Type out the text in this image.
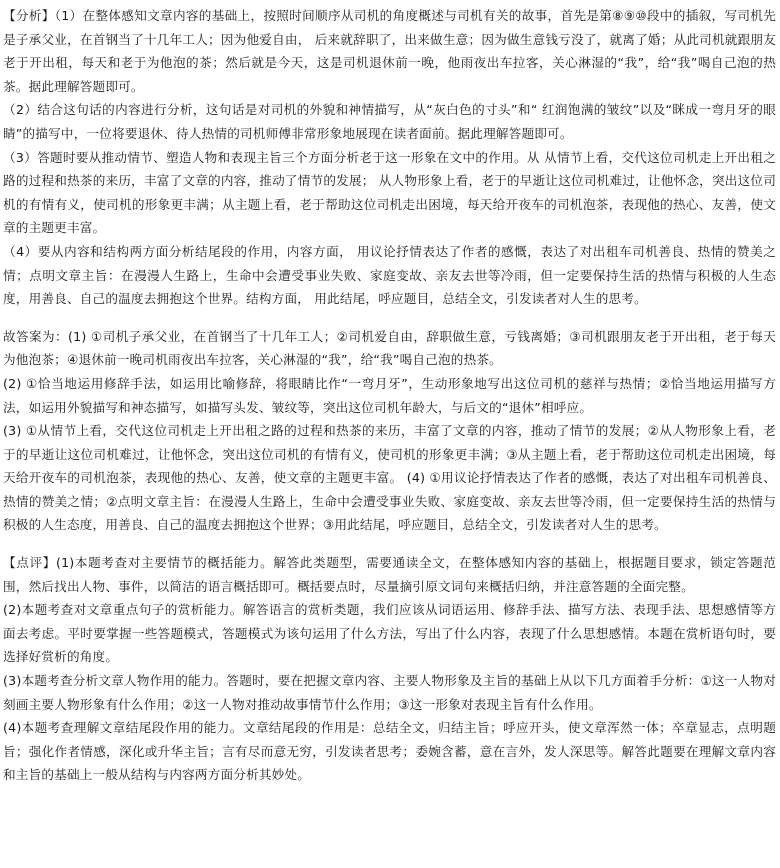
【分析】（1）在整体感知文章内容的基础上，按照时间顺序从司机的角度概述与司机有关的故事，首先是第⑧⑨⑩段中的插叙，写司机先是子承父业，在首钢当了十几年工人；因为他爱自由， 后来就辞职了，出来做生意；因为做生意钱亏没了，就离了婚；从此司机就跟朋友老于开出租，每天和老于为他泡的茶；然后就是今天，这是司机退休前一晚，他雨夜出车拉客，关心淋湿的“我”，给“我”喝自己泡的热茶。据此理解答题即可。

（2）结合这句话的内容进行分析，这句话是对司机的外貌和神情描写，从“灰白色的寸头”和“ 红润饱满的皱纹”以及“眯成一弯月牙的眼睛”的描写中，一位将要退休、待人热情的司机师傅非常形象地展现在读者面前。据此理解答题即可。

（3）答题时要从推动情节、塑造人物和表现主旨三个方面分析老于这一形象在文中的作用。从 从情节上看，交代这位司机走上开出租之路的过程和热茶的来历，丰富了文章的内容，推动了情节的发展； 从人物形象上看，老于的早逝让这位司机难过，让他怀念，突出这位司机的有情有义，使司机的形象更丰满；从主题上看，老于帮助这位司机走出困境，每天给开夜车的司机泡茶，表现他的热心、友善，使文章的主题更丰富。

（4）要从内容和结构两方面分析结尾段的作用，内容方面， 用议论抒情表达了作者的感慨，表达了对出租车司机善良、热情的赞美之情；点明文章主旨：在漫漫人生路上，生命中会遭受事业失败、家庭变故、亲友去世等冷雨，但一定要保持生活的热情与积极的人生态度，用善良、自己的温度去拥抱这个世界。结构方面， 用此结尾，呼应题目，总结全文，引发读者对人生的思考。

故答案为：(1) ①司机子承父业，在首钢当了十几年工人；②司机爱自由，辞职做生意，亏钱离婚；③司机跟朋友老于开出租，老于每天为他泡茶；④退休前一晚司机雨夜出车拉客，关心淋湿的“我”，给“我”喝自己泡的热茶。

(2) ①恰当地运用修辞手法，如运用比喻修辞，将眼睛比作“一弯月牙”，生动形象地写出这位司机的慈祥与热情；②恰当地运用描写方法，如运用外貌描写和神态描写，如描写头发、皱纹等，突出这位司机年龄大，与后文的“退休”相呼应。

(3) ①从情节上看，交代这位司机走上开出租之路的过程和热茶的来历，丰富了文章的内容，推动了情节的发展；②从人物形象上看，老于的早逝让这位司机难过，让他怀念，突出这位司机的有情有义，使司机的形象更丰满；③从主题上看，老于帮助这位司机走出困境，每天给开夜车的司机泡茶，表现他的热心、友善，使文章的主题更丰富。 (4) ①用议论抒情表达了作者的感慨，表达了对出租车司机善良、热情的赞美之情；②点明文章主旨：在漫漫人生路上，生命中会遭受事业失败、家庭变故、亲友去世等冷雨，但一定要保持生活的热情与积极的人生态度，用善良、自己的温度去拥抱这个世界；③用此结尾，呼应题目，总结全文，引发读者对人生的思考。

【点评】(1)本题考查对主要情节的概括能力。解答此类题型，需要通读全文，在整体感知内容的基础上，根据题目要求，锁定答题范围，然后找出人物、事件，以简洁的语言概括即可。概括要点时，尽量摘引原文词句来概括归纳，并注意答题的全面完整。

(2)本题考查对文章重点句子的赏析能力。解答语言的赏析类题，我们应该从词语运用、修辞手法、描写方法、表现手法、思想感情等方面去考虑。平时要掌握一些答题模式，答题模式为该句运用了什么方法，写出了什么内容，表现了什么思想感情。本题在赏析语句时，要选择好赏析的角度。

(3)本题考查分析文章人物作用的能力。答题时，要在把握文章内容、主要人物形象及主旨的基础上从以下几方面着手分析：①这一人物对刻画主要人物形象有什么作用；②这一人物对推动故事情节什么作用；③这一形象对表现主旨有什么作用。

(4)本题考查理解文章结尾段作用的能力。文章结尾段的作用是：总结全文，归结主旨；呼应开头，使文章浑然一体；卒章显志，点明题旨；强化作者情感，深化或升华主旨；言有尽而意无穷，引发读者思考；委婉含蓄，意在言外，发人深思等。解答此题要在理解文章内容和主旨的基础上一般从结构与内容两方面分析其妙处。
